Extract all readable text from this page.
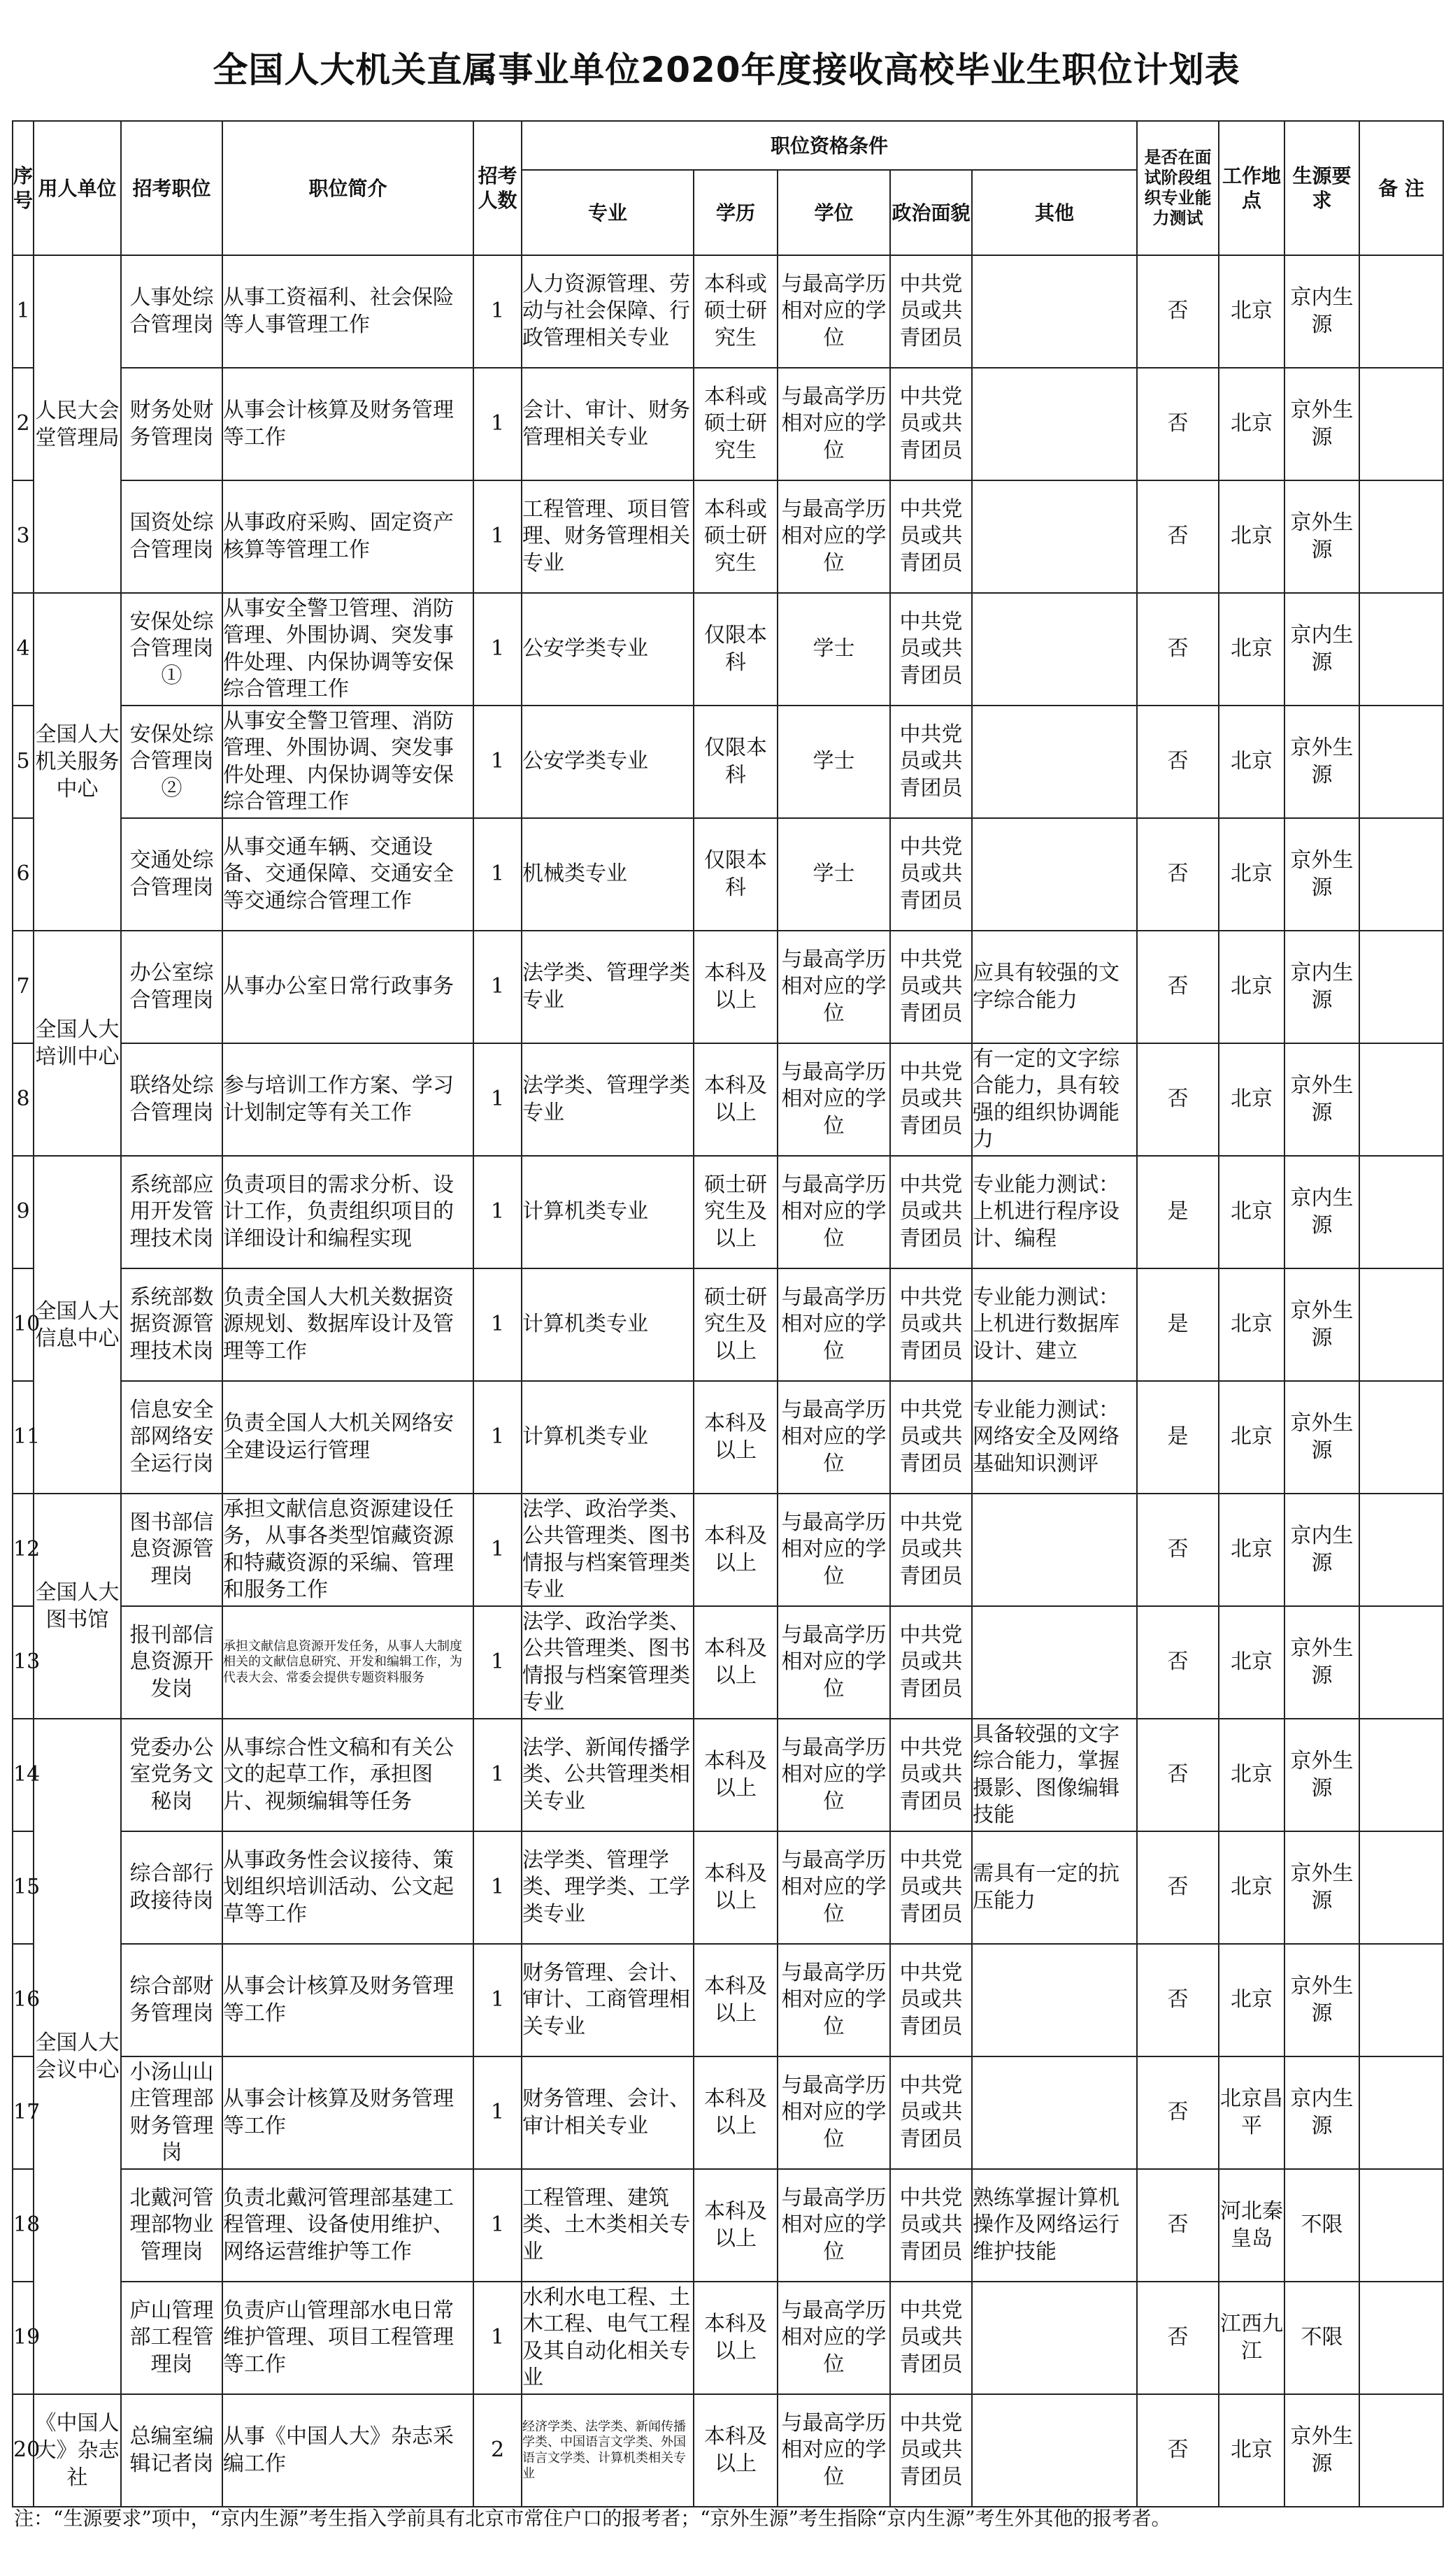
全国人大机关直属事业单位2020年度接收高校毕业生职位计划表
序号	用人单位	招考职位	职位简介	招考人数	职位资格条件					是否在面试阶段组织专业能力测试	工作地点	生源要求	备 注
					专业	学历	学位	政治面貌	其他				
1	人民大会堂管理局	人事处综合管理岗	从事工资福利、社会保险等人事管理工作	1	人力资源管理、劳动与社会保障、行政管理相关专业	本科或硕士研究生	与最高学历相对应的学位	中共党员或共青团员		否	北京	京内生源	
2		财务处财务管理岗	从事会计核算及财务管理等工作	1	会计、审计、财务管理相关专业	本科或硕士研究生	与最高学历相对应的学位	中共党员或共青团员		否	北京	京外生源	
3		国资处综合管理岗	从事政府采购、固定资产核算等管理工作	1	工程管理、项目管理、财务管理相关专业	本科或硕士研究生	与最高学历相对应的学位	中共党员或共青团员		否	北京	京外生源	
4	全国人大机关服务中心	安保处综合管理岗①	从事安全警卫管理、消防管理、外围协调、突发事件处理、内保协调等安保综合管理工作	1	公安学类专业	仅限本科	学士	中共党员或共青团员		否	北京	京内生源	
5		安保处综合管理岗②	从事安全警卫管理、消防管理、外围协调、突发事件处理、内保协调等安保综合管理工作	1	公安学类专业	仅限本科	学士	中共党员或共青团员		否	北京	京外生源	
6		交通处综合管理岗	从事交通车辆、交通设备、交通保障、交通安全等交通综合管理工作	1	机械类专业	仅限本科	学士	中共党员或共青团员		否	北京	京外生源	
7	全国人大培训中心	办公室综合管理岗	从事办公室日常行政事务	1	法学类、管理学类专业	本科及以上	与最高学历相对应的学位	中共党员或共青团员	应具有较强的文字综合能力	否	北京	京内生源	
8		联络处综合管理岗	参与培训工作方案、学习计划制定等有关工作	1	法学类、管理学类专业	本科及以上	与最高学历相对应的学位	中共党员或共青团员	有一定的文字综合能力，具有较强的组织协调能力	否	北京	京外生源	
9	全国人大信息中心	系统部应用开发管理技术岗	负责项目的需求分析、设计工作，负责组织项目的详细设计和编程实现	1	计算机类专业	硕士研究生及以上	与最高学历相对应的学位	中共党员或共青团员	专业能力测试：上机进行程序设计、编程	是	北京	京内生源	
10		系统部数据资源管理技术岗	负责全国人大机关数据资源规划、数据库设计及管理等工作	1	计算机类专业	硕士研究生及以上	与最高学历相对应的学位	中共党员或共青团员	专业能力测试：上机进行数据库设计、建立	是	北京	京外生源	
11		信息安全部网络安全运行岗	负责全国人大机关网络安全建设运行管理	1	计算机类专业	本科及以上	与最高学历相对应的学位	中共党员或共青团员	专业能力测试：网络安全及网络基础知识测评	是	北京	京外生源	
12	全国人大图书馆	图书部信息资源管理岗	承担文献信息资源建设任务，从事各类型馆藏资源和特藏资源的采编、管理和服务工作	1	法学、政治学类、公共管理类、图书情报与档案管理类专业	本科及以上	与最高学历相对应的学位	中共党员或共青团员		否	北京	京内生源	
13		报刊部信息资源开发岗	承担文献信息资源开发任务，从事人大制度相关的文献信息研究、开发和编辑工作，为代表大会、常委会提供专题资料服务	1	法学、政治学类、公共管理类、图书情报与档案管理类专业	本科及以上	与最高学历相对应的学位	中共党员或共青团员		否	北京	京外生源	
14	全国人大会议中心	党委办公室党务文秘岗	从事综合性文稿和有关公文的起草工作，承担图片、视频编辑等任务	1	法学、新闻传播学类、公共管理类相关专业	本科及以上	与最高学历相对应的学位	中共党员或共青团员	具备较强的文字综合能力，掌握摄影、图像编辑技能	否	北京	京外生源	
15		综合部行政接待岗	从事政务性会议接待、策划组织培训活动、公文起草等工作	1	法学类、管理学类、理学类、工学类专业	本科及以上	与最高学历相对应的学位	中共党员或共青团员	需具有一定的抗压能力	否	北京	京外生源	
16		综合部财务管理岗	从事会计核算及财务管理等工作	1	财务管理、会计、审计、工商管理相关专业	本科及以上	与最高学历相对应的学位	中共党员或共青团员		否	北京	京外生源	
17		小汤山山庄管理部财务管理岗	从事会计核算及财务管理等工作	1	财务管理、会计、审计相关专业	本科及以上	与最高学历相对应的学位	中共党员或共青团员		否	北京昌平	京内生源	
18		北戴河管理部物业管理岗	负责北戴河管理部基建工程管理、设备使用维护、网络运营维护等工作	1	工程管理、建筑类、土木类相关专业	本科及以上	与最高学历相对应的学位	中共党员或共青团员	熟练掌握计算机操作及网络运行维护技能	否	河北秦皇岛	不限	
19		庐山管理部工程管理岗	负责庐山管理部水电日常维护管理、项目工程管理等工作	1	水利水电工程、土木工程、电气工程及其自动化相关专业	本科及以上	与最高学历相对应的学位	中共党员或共青团员		否	江西九江	不限	
20	《中国人大》杂志社	总编室编辑记者岗	从事《中国人大》杂志采编工作	2	经济学类、法学类、新闻传播学类、中国语言文学类、外国语言文学类、计算机类相关专业	本科及以上	与最高学历相对应的学位	中共党员或共青团员		否	北京	京外生源	
注：“生源要求”项中，“京内生源”考生指入学前具有北京市常住户口的报考者；“京外生源”考生指除“京内生源”考生外其他的报考者。
